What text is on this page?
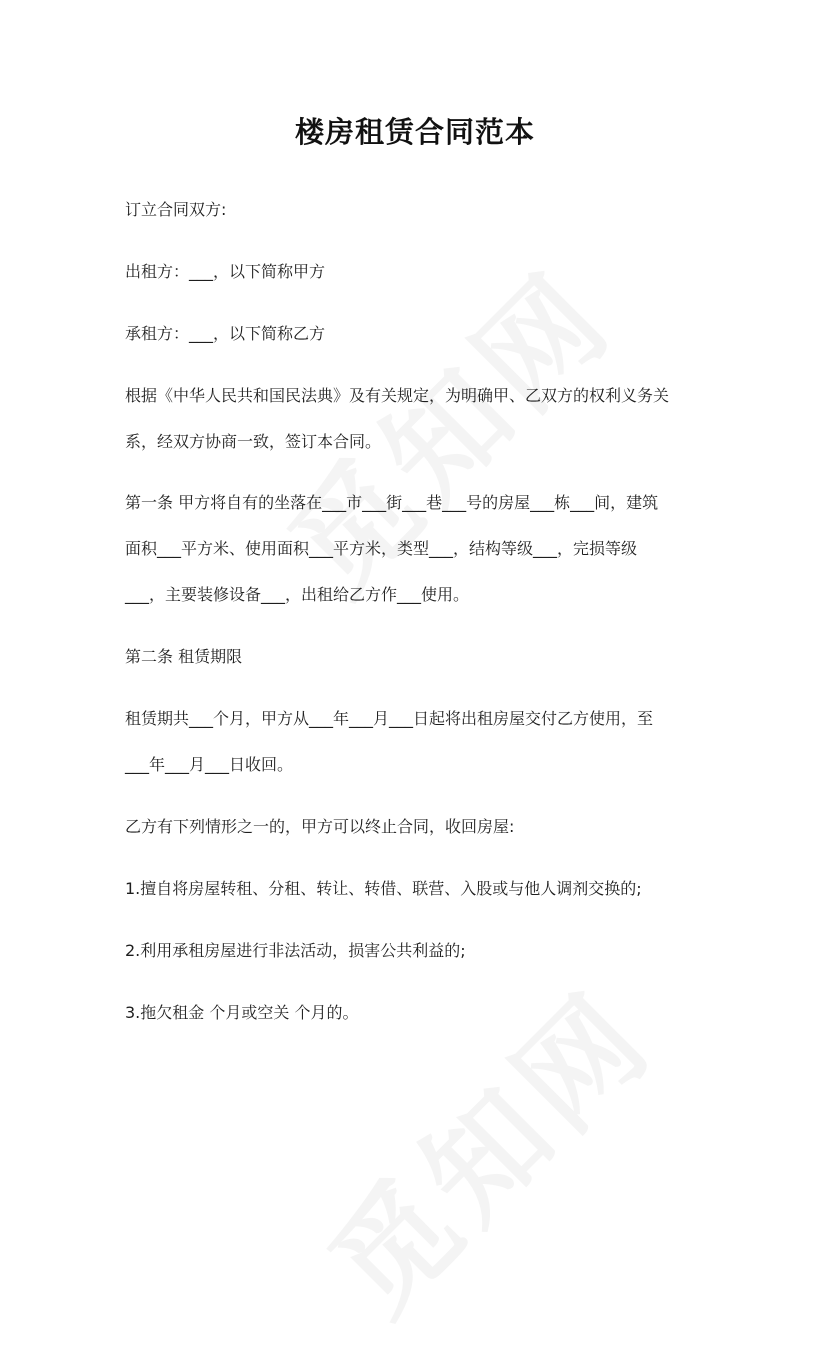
楼房租赁合同范本
订立合同双方:
出租方：___，以下简称甲方
承租方：___，以下简称乙方
根据《中华人民共和国民法典》及有关规定，为明确甲、乙双方的权利义务关
系，经双方协商一致，签订本合同。
第一条 甲方将自有的坐落在___市___街___巷___号的房屋___栋___间，建筑
面积___平方米、使用面积___平方米，类型___，结构等级___，完损等级
___，主要装修设备___，出租给乙方作___使用。
第二条 租赁期限
租赁期共___个月，甲方从___年___月___日起将出租房屋交付乙方使用，至
___年___月___日收回。
乙方有下列情形之一的，甲方可以终止合同，收回房屋:
1.擅自将房屋转租、分租、转让、转借、联营、入股或与他人调剂交换的;
2.利用承租房屋进行非法活动，损害公共利益的;
3.拖欠租金 个月或空关 个月的。
